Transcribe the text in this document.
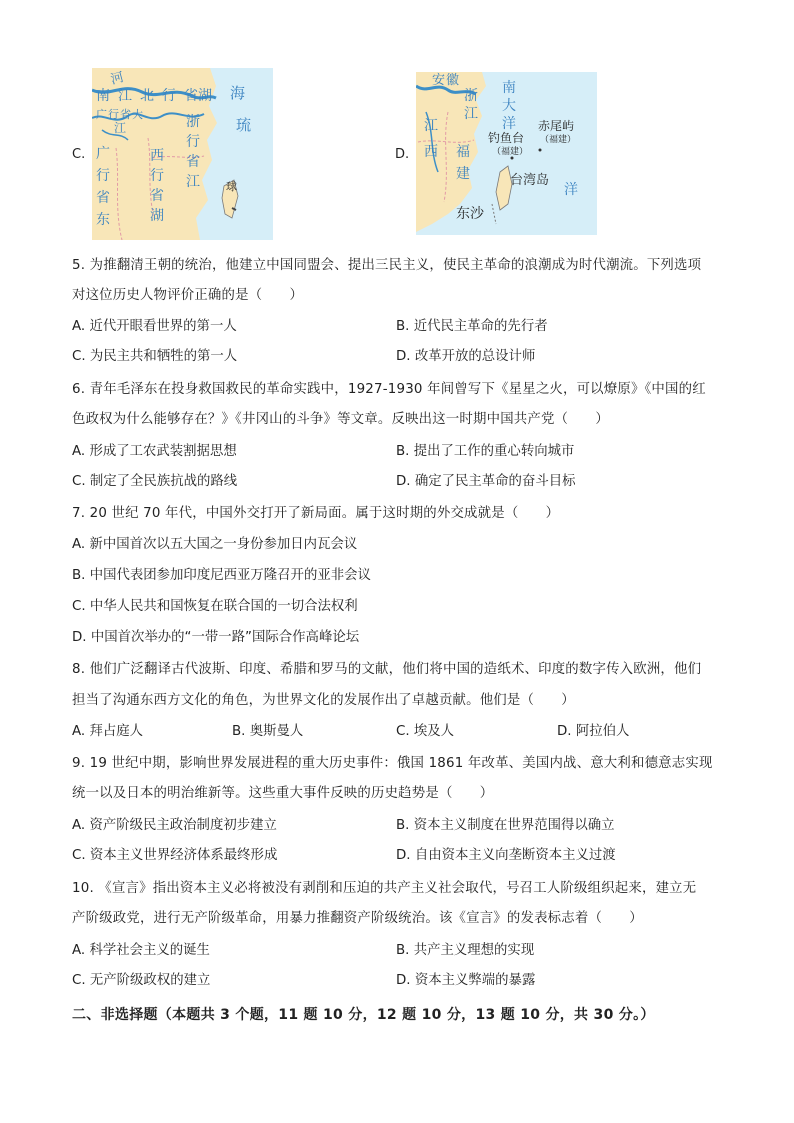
C.
河
南 江 北 行 省 湖
广 行 省 大
江	浙
行
省
江
西
行
省
湖
广
行
省
东
海
琉
球
D.
安 徽
浙
江
江
西 福
建
南
大
洋 赤尾屿
（福建）
钓鱼台
（福建）
台湾岛
洋
东沙
5. 为推翻清王朝的统治，他建立中国同盟会、提出三民主义，使民主革命的浪潮成为时代潮流。下列选项
对这位历史人物评价正确的是（　　）
A. 近代开眼看世界的第一人	B. 近代民主革命的先行者
C. 为民主共和牺牲的第一人	D. 改革开放的总设计师
6. 青年毛泽东在投身救国救民的革命实践中，1927-1930 年间曾写下《星星之火，可以燎原》《中国的红
色政权为什么能够存在？》《井冈山的斗争》等文章。反映出这一时期中国共产党（　　）
A. 形成了工农武装割据思想	B. 提出了工作的重心转向城市
C. 制定了全民族抗战的路线	D. 确定了民主革命的奋斗目标
7. 20 世纪 70 年代，中国外交打开了新局面。属于这时期的外交成就是（　　）
A. 新中国首次以五大国之一身份参加日内瓦会议
B. 中国代表团参加印度尼西亚万隆召开的亚非会议
C. 中华人民共和国恢复在联合国的一切合法权利
D. 中国首次举办的“一带一路”国际合作高峰论坛
8. 他们广泛翻译古代波斯、印度、希腊和罗马的文献，他们将中国的造纸术、印度的数字传入欧洲，他们
担当了沟通东西方文化的角色，为世界文化的发展作出了卓越贡献。他们是（　　）
A. 拜占庭人	B. 奥斯曼人	C. 埃及人	D. 阿拉伯人
9. 19 世纪中期，影响世界发展进程的重大历史事件：俄国 1861 年改革、美国内战、意大利和德意志实现
统一以及日本的明治维新等。这些重大事件反映的历史趋势是（　　）
A. 资产阶级民主政治制度初步建立	B. 资本主义制度在世界范围得以确立
C. 资本主义世界经济体系最终形成	D. 自由资本主义向垄断资本主义过渡
10. 《宣言》指出资本主义必将被没有剥削和压迫的共产主义社会取代，号召工人阶级组织起来，建立无
产阶级政党，进行无产阶级革命，用暴力推翻资产阶级统治。该《宣言》的发表标志着（　　）
A. 科学社会主义的诞生	B. 共产主义理想的实现
C. 无产阶级政权的建立	D. 资本主义弊端的暴露
二、非选择题（本题共 3 个题，11 题 10 分，12 题 10 分，13 题 10 分，共 30 分。）
